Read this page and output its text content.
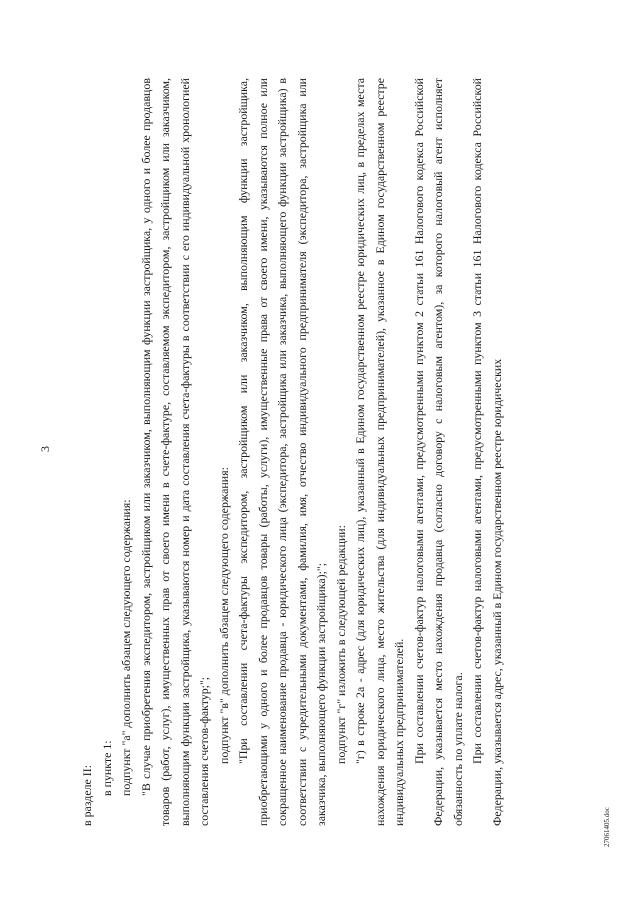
3

в разделе II: в пункте 1: подпункт "а" дополнить абзацем следующего содержания: "В случае приобретения экспедитором, застройщиком или заказчиком, выполняющим функции застройщика, у одного и более продавцов товаров (работ, услуг), имущественных прав от своего имени в счете-фактуре, составляемом экспедитором, застройщиком или заказчиком, выполняющим функции застройщика, указываются номер и дата составления счета-фактуры в соответствии с его индивидуальной хронологией составления счетов-фактур;"; подпункт "в" дополнить абзацем следующего содержания: "При составлении счета-фактуры экспедитором, застройщиком или заказчиком, выполняющим функции застройщика, приобретающими у одного и более продавцов товары (работы, услуги), имущественные права от своего имени, указываются полное или сокращенное наименование продавца - юридического лица (экспедитора, застройщика или заказчика, выполняющего функции застройщика) в соответствии с учредительными документами, фамилия, имя, отчество индивидуального предпринимателя (экспедитора, застройщика или заказчика, выполняющего функции застройщика);"; подпункт "г" изложить в следующей редакции: "г) в строке 2а - адрес (для юридических лиц), указанный в Едином государственном реестре юридических лиц, в пределах места нахождения юридического лица, место жительства (для индивидуальных предпринимателей), указанное в Едином государственном реестре индивидуальных предпринимателей. При составлении счетов-фактур налоговыми агентами, предусмотренными пунктом 2 статьи 161 Налогового кодекса Российской Федерации, указывается место нахождения продавца (согласно договору с налоговым агентом), за которого налоговый агент исполняет обязанность по уплате налога. При составлении счетов-фактур налоговыми агентами, предусмотренными пунктом 3 статьи 161 Налогового кодекса Российской Федерации, указывается адрес, указанный в Едином государственном реестре юридических

27061405.doc
